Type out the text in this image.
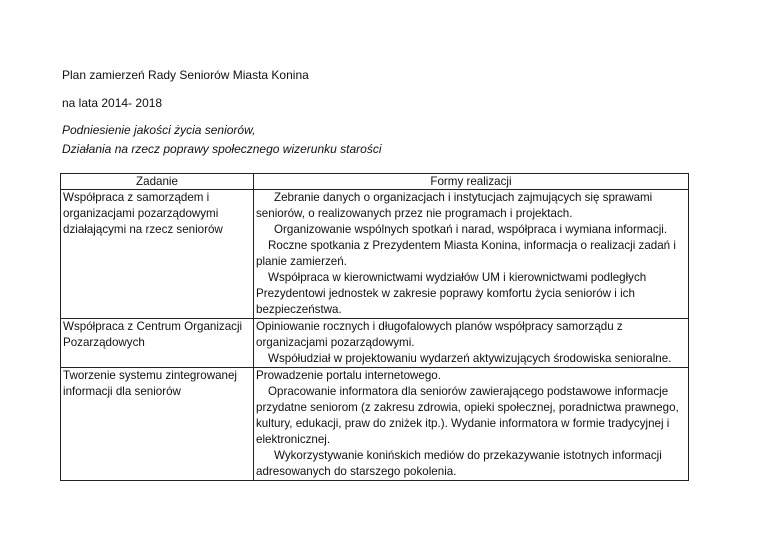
Plan zamierzeń Rady Seniorów Miasta Konina
na lata 2014- 2018
Podniesienie jakości życia seniorów,
Działania na rzecz poprawy społecznego wizerunku starości
Zadanie	Formy realizacji
Współpraca z samorządem i organizacjami pozarządowymi działającymi na rzecz seniorów	Zebranie danych o organizacjach i instytucjach zajmujących się sprawami seniorów, o realizowanych przez nie programach i projektach.
Organizowanie wspólnych spotkań i narad, współpraca i wymiana informacji.
Roczne spotkania z Prezydentem Miasta Konina, informacja o realizacji zadań i planie zamierzeń.
Współpraca w kierownictwami wydziałów UM i kierownictwami podległych Prezydentowi jednostek w zakresie poprawy komfortu życia seniorów i ich bezpieczeństwa.

Współpraca z Centrum Organizacji Pozarządowych	Opiniowanie rocznych i długofalowych planów współpracy samorządu z organizacjami pozarządowymi.
Współudział w projektowaniu wydarzeń aktywizujących środowiska senioralne.

Tworzenie systemu zintegrowanej informacji dla seniorów	Prowadzenie portalu internetowego.
Opracowanie informatora dla seniorów zawierającego podstawowe informacje przydatne seniorom (z zakresu zdrowia, opieki społecznej, poradnictwa prawnego, kultury, edukacji, praw do zniżek itp.). Wydanie informatora w formie tradycyjnej i elektronicznej.
Wykorzystywanie konińskich mediów do przekazywanie istotnych informacji adresowanych do starszego pokolenia.
